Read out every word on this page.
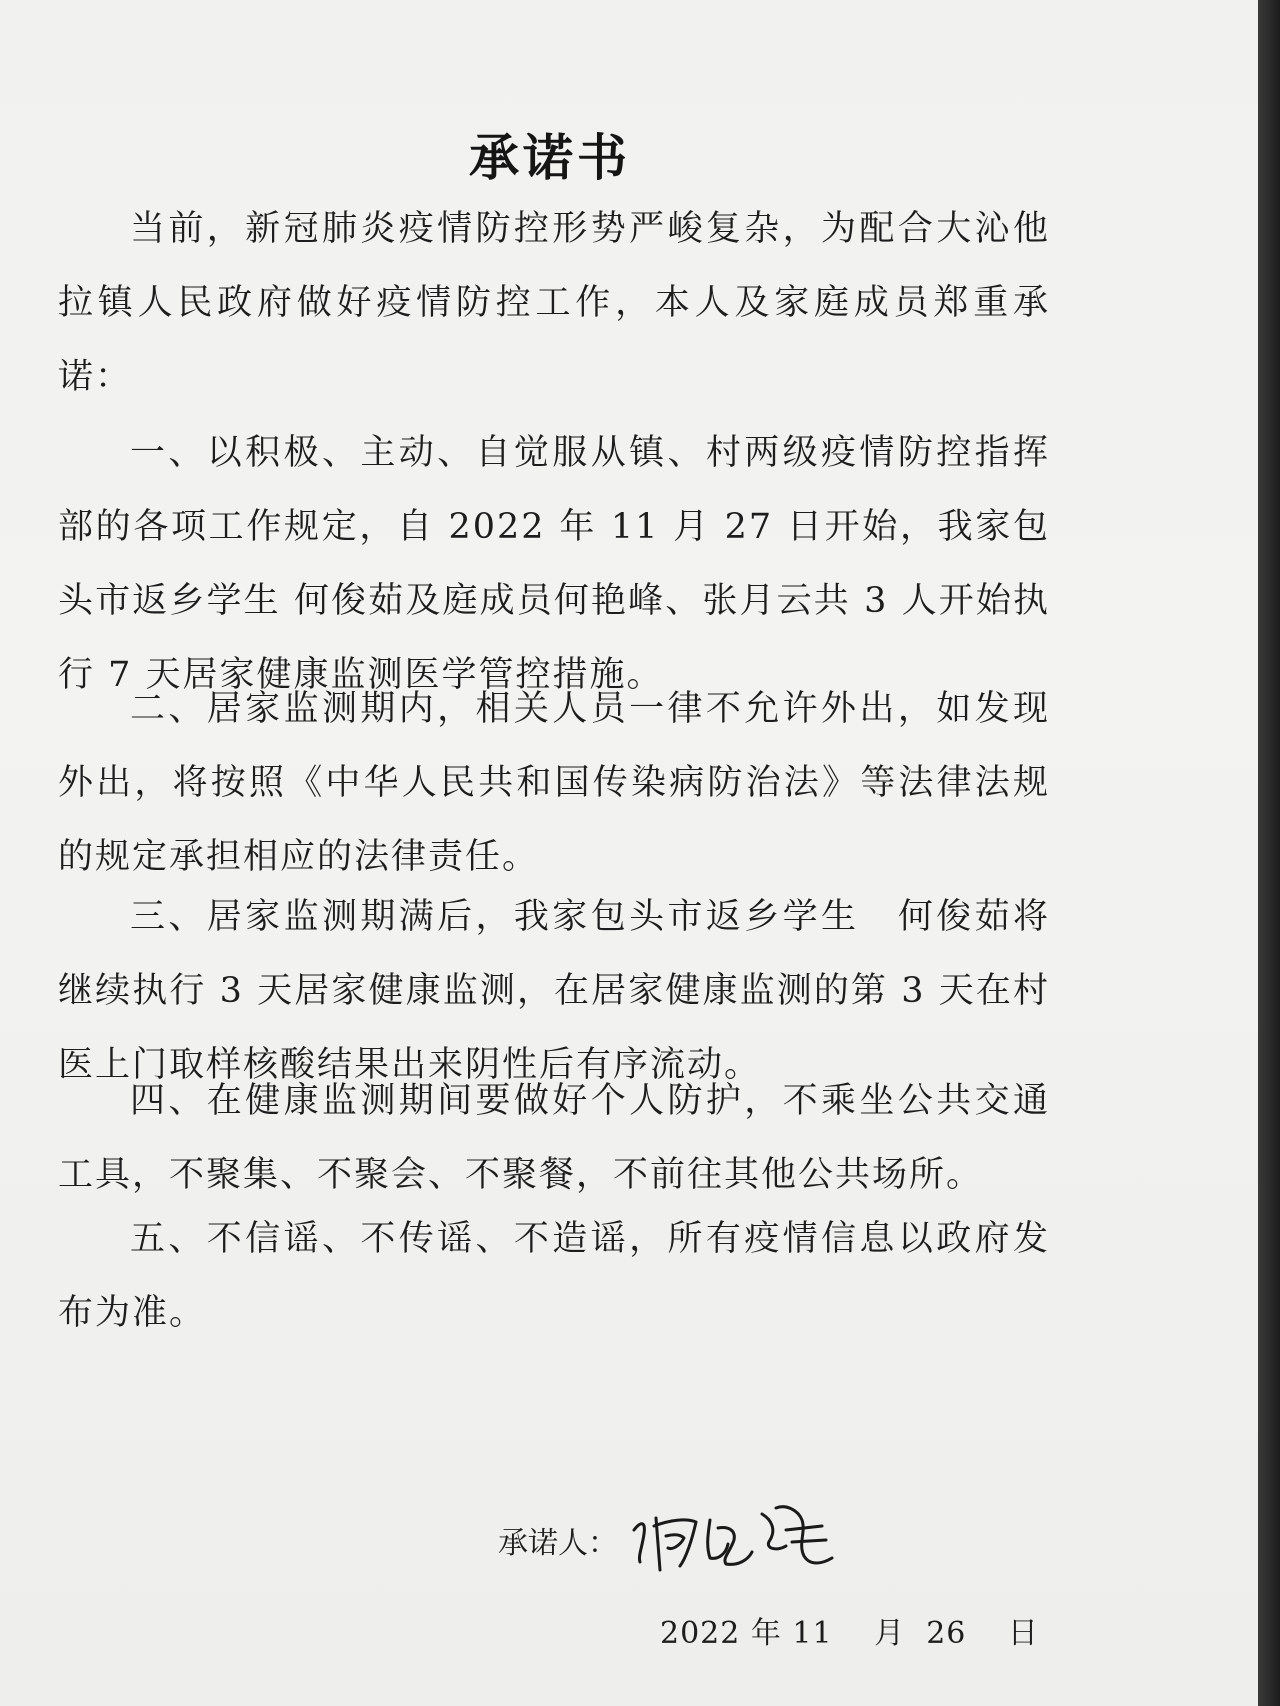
承诺书

当前，新冠肺炎疫情防控形势严峻复杂，为配合大沁他拉镇人民政府做好疫情防控工作，本人及家庭成员郑重承诺：

一、以积极、主动、自觉服从镇、村两级疫情防控指挥部的各项工作规定，自 2022 年 11 月 27 日开始，我家包头市返乡学生 何俊茹及庭成员何艳峰、张月云共 3 人开始执行 7 天居家健康监测医学管控措施。

二、居家监测期内，相关人员一律不允许外出，如发现外出，将按照《中华人民共和国传染病防治法》等法律法规的规定承担相应的法律责任。

三、居家监测期满后，我家包头市返乡学生　何俊茹将继续执行 3 天居家健康监测，在居家健康监测的第 3 天在村医上门取样核酸结果出来阴性后有序流动。

四、在健康监测期间要做好个人防护，不乘坐公共交通工具，不聚集、不聚会、不聚餐，不前往其他公共场所。

五、不信谣、不传谣、不造谣，所有疫情信息以政府发布为准。

承诺人：
2022 年 11　 月  26　 日
